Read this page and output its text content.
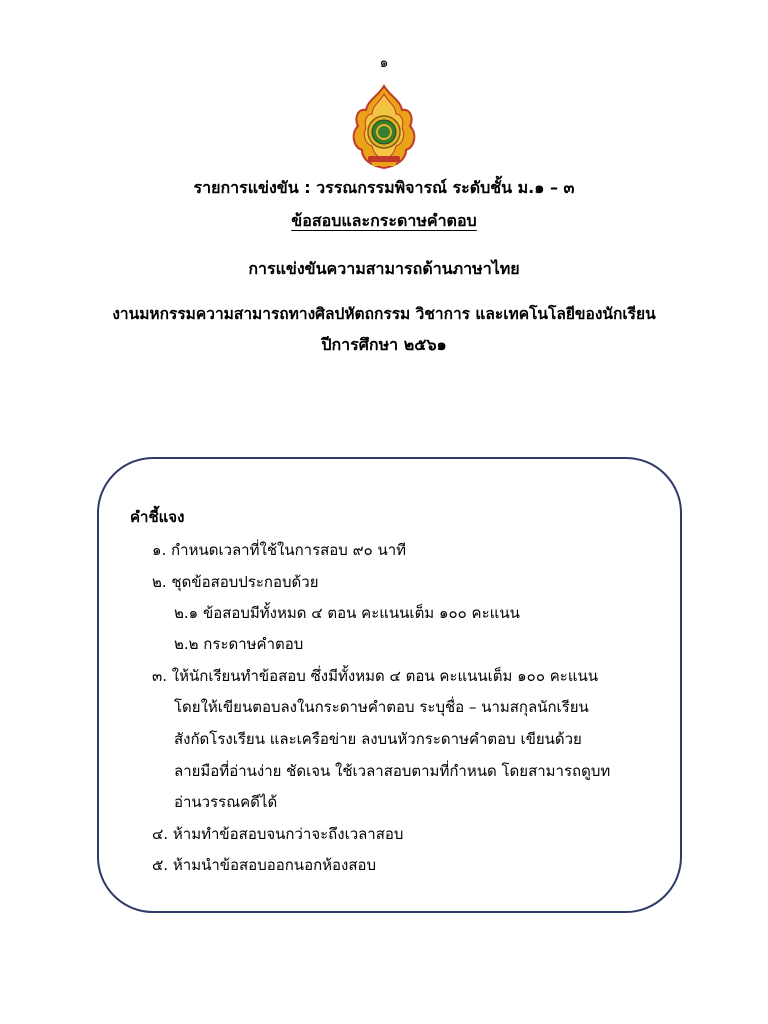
๑
รายการแข่งขัน : วรรณกรรมพิจารณ์ ระดับชั้น ม.๑ – ๓
ข้อสอบและกระดาษคำตอบ
การแข่งขันความสามารถด้านภาษาไทย
งานมหกรรมความสามารถทางศิลปหัตถกรรม วิชาการ และเทคโนโลยีของนักเรียน
ปีการศึกษา ๒๕๖๑
คำชี้แจง
๑. กำหนดเวลาที่ใช้ในการสอบ ๙๐ นาที
๒. ชุดข้อสอบประกอบด้วย
๒.๑ ข้อสอบมีทั้งหมด ๔ ตอน คะแนนเต็ม ๑๐๐ คะแนน
๒.๒ กระดาษคำตอบ
๓. ให้นักเรียนทำข้อสอบ ซึ่งมีทั้งหมด ๔ ตอน คะแนนเต็ม ๑๐๐ คะแนน
โดยให้เขียนตอบลงในกระดาษคำตอบ ระบุชื่อ – นามสกุลนักเรียน
สังกัดโรงเรียน และเครือข่าย ลงบนหัวกระดาษคำตอบ เขียนด้วย
ลายมือที่อ่านง่าย ชัดเจน ใช้เวลาสอบตามที่กำหนด โดยสามารถดูบท
อ่านวรรณคดีได้
๔. ห้ามทำข้อสอบจนกว่าจะถึงเวลาสอบ
๕. ห้ามนำข้อสอบออกนอกห้องสอบ
